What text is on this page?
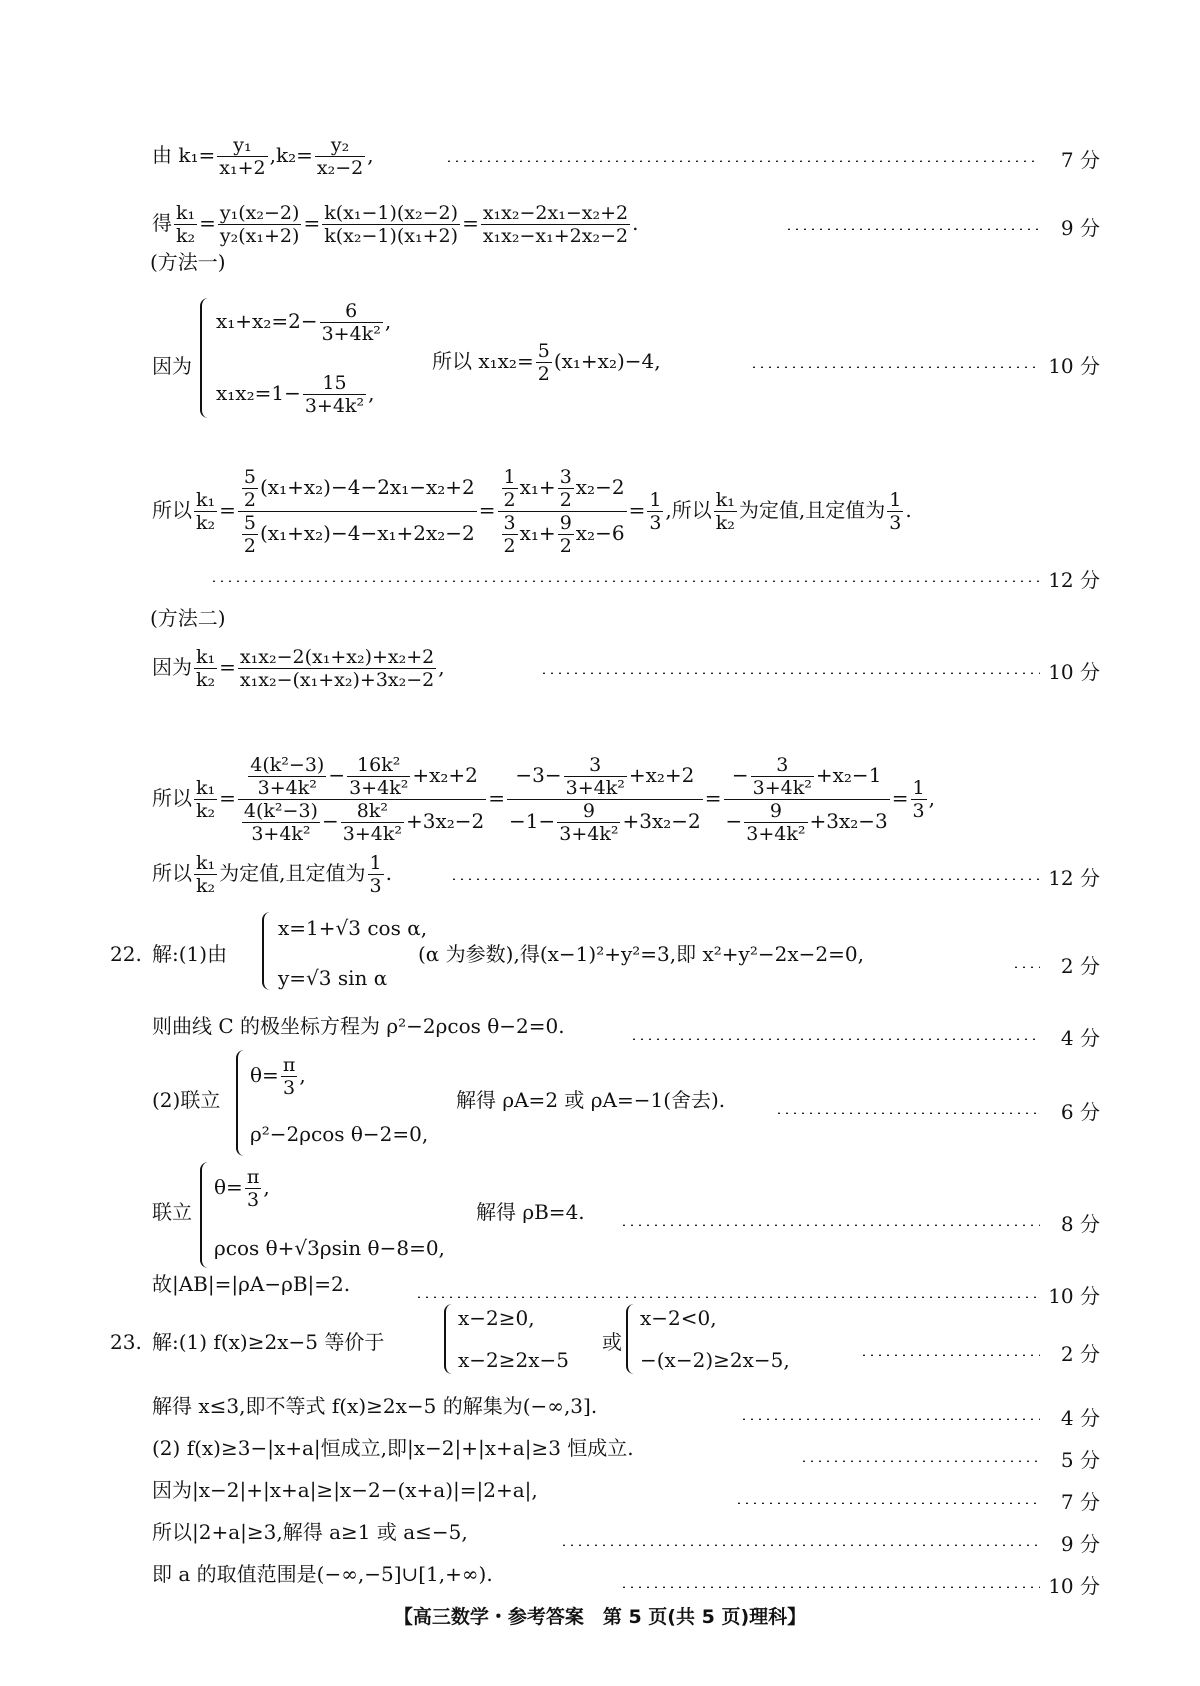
由 $k_1= \frac{\text{y₁}}{\text{x₁+2}} ,k_2= \frac{\text{y₂}}{\text{x₂−2}}$ ,	7 分
得 $\frac{\text{k₁}}{\text{k₂}} = \frac{\text{y₁(x₂−2)}}{\text{y₂(x₁+2)}} = \frac{\text{k(x₁−1)(x₂−2)}}{\text{k(x₂−1)(x₁+2)}} = \frac{\text{x₁x₂−2x₁−x₂+2}}{\text{x₁x₂−x₁+2x₂−2}}$ .	9 分
(方法一)
因为
$x_1+x_2=2- \frac{6}{\text{3+4k²}}$ ,
$x_1x_2=1- \frac{15}{\text{3+4k²}}$ ,
所以 $x_1x_2= \frac{5}{2} (x_1+x_2)-4$,	10 分
所以 $\frac{\text{k₁}}{\text{k₂}} = \frac{\frac{5}{2} (x_1+x_2)-4-2x_1-x_2+2}{\frac{5}{2} (x_1+x_2)-4-x_1+2x_2-2} = \frac{\frac{1}{2} x_1+ \frac{3}{2} x_2-2}{\frac{3}{2} x_1+ \frac{9}{2} x_2-6} = \frac{1}{3}$ ,所以 $\frac{\text{k₁}}{\text{k₂}}$ 为定值,且定值为 $\frac{1}{3}$ .
12 分
(方法二)
因为 $\frac{\text{k₁}}{\text{k₂}} = \frac{\text{x₁x₂−2(x₁+x₂)+x₂+2}}{\text{x₁x₂−(x₁+x₂)+3x₂−2}}$ ,	10 分
所以 $\frac{\text{k₁}}{\text{k₂}} = \frac{\frac{\text{4(k²−3)}}{\text{3+4k²}} - \frac{\text{16k²}}{\text{3+4k²}} +x_2+2}{\frac{\text{4(k²−3)}}{\text{3+4k²}} - \frac{\text{8k²}}{\text{3+4k²}} +3x_2-2} = \frac{-3- \frac{3}{\text{3+4k²}} +x_2+2}{-1- \frac{9}{\text{3+4k²}} +3x_2-2} = \frac{- \frac{3}{\text{3+4k²}} +x_2-1}{- \frac{9}{\text{3+4k²}} +3x_2-3} = \frac{1}{3}$ ,
所以 $\frac{\text{k₁}}{\text{k₂}}$ 为定值,且定值为 $\frac{1}{3}$ .	12 分
22. 解:(1)由
x=1+√3 cos α,
y=√3 sin α
(α 为参数),得(x−1)²+y²=3,即 x²+y²−2x−2=0,	2 分
则曲线 C 的极坐标方程为 ρ²−2ρcos θ−2=0.	4 分
(2)联立
$\theta= \frac{\pi}{3}$ ,
ρ²−2ρcos θ−2=0,
解得 ρA=2 或 ρA=−1(舍去).	6 分
联立
$\theta= \frac{\pi}{3}$ ,
ρcos θ+√3ρsin θ−8=0,
解得 ρB=4.	8 分
故|AB|=|ρA−ρB|=2.	10 分
23. 解:(1) f(x)≥2x−5 等价于
x−2≥0,
x−2≥2x−5
或
x−2<0,
−(x−2)≥2x−5,	2 分
解得 x≤3,即不等式 f(x)≥2x−5 的解集为(−∞,3].	4 分
(2) f(x)≥3−|x+a|恒成立,即|x−2|+|x+a|≥3 恒成立.	5 分
因为|x−2|+|x+a|≥|x−2−(x+a)|=|2+a|,	7 分
所以|2+a|≥3,解得 a≥1 或 a≤−5,	9 分
即 a 的取值范围是(−∞,−5]∪[1,+∞).	10 分
【高三数学・参考答案　第 5 页(共 5 页)理科】
